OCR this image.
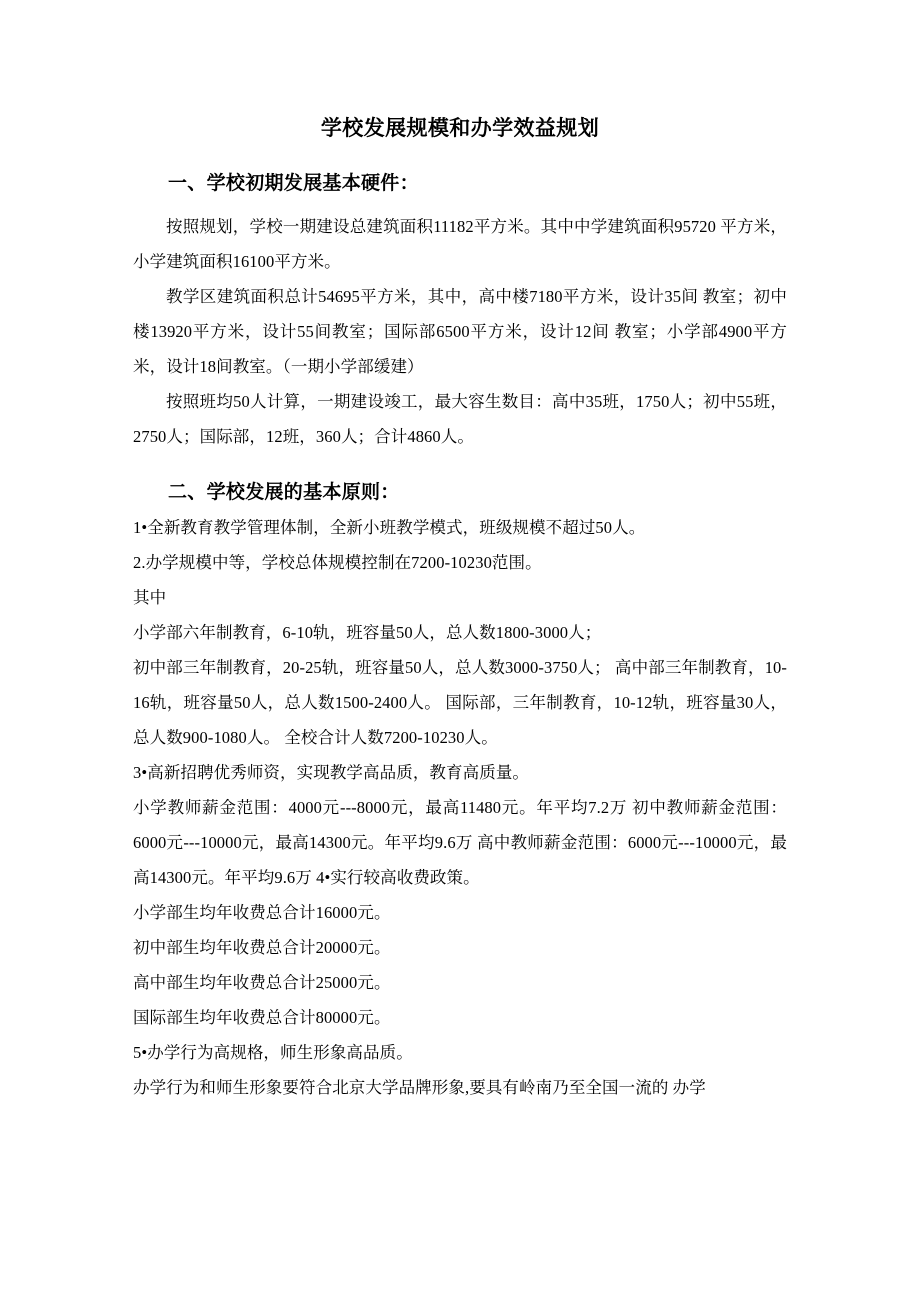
学校发展规模和办学效益规划
一、学校初期发展基本硬件：

按照规划，学校一期建设总建筑面积11182平方米。其中中学建筑面积95720 平方米，小学建筑面积16100平方米。

教学区建筑面积总计54695平方米，其中，高中楼7180平方米，设计35间 教室；初中楼13920平方米，设计55间教室；国际部6500平方米，设计12间 教室；小学部4900平方米，设计18间教室。（一期小学部缓建）

按照班均50人计算，一期建设竣工，最大容生数目：高中35班，1750人；初中55班，2750人；国际部，12班，360人；合计4860人。

二、学校发展的基本原则：

1•全新教育教学管理体制，全新小班教学模式，班级规模不超过50人。

2.办学规模中等，学校总体规模控制在7200-10230范围。

其中

小学部六年制教育，6-10轨，班容量50人，总人数1800-3000人；

初中部三年制教育，20-25轨，班容量50人，总人数3000-3750人； 高中部三年制教育，10-16轨，班容量50人，总人数1500-2400人。 国际部，三年制教育，10-12轨，班容量30人，总人数900-1080人。 全校合计人数7200-10230人。

3•高新招聘优秀师资，实现教学高品质，教育高质量。

小学教师薪金范围：4000元---8000元，最高11480元。年平均7.2万 初中教师薪金范围：6000元---10000元，最高14300元。年平均9.6万 高中教师薪金范围：6000元---10000元，最高14300元。年平均9.6万 4•实行较高收费政策。

小学部生均年收费总合计16000元。

初中部生均年收费总合计20000元。

高中部生均年收费总合计25000元。

国际部生均年收费总合计80000元。

5•办学行为高规格，师生形象高品质。

办学行为和师生形象要符合北京大学品牌形象,要具有岭南乃至全国一流的 办学
